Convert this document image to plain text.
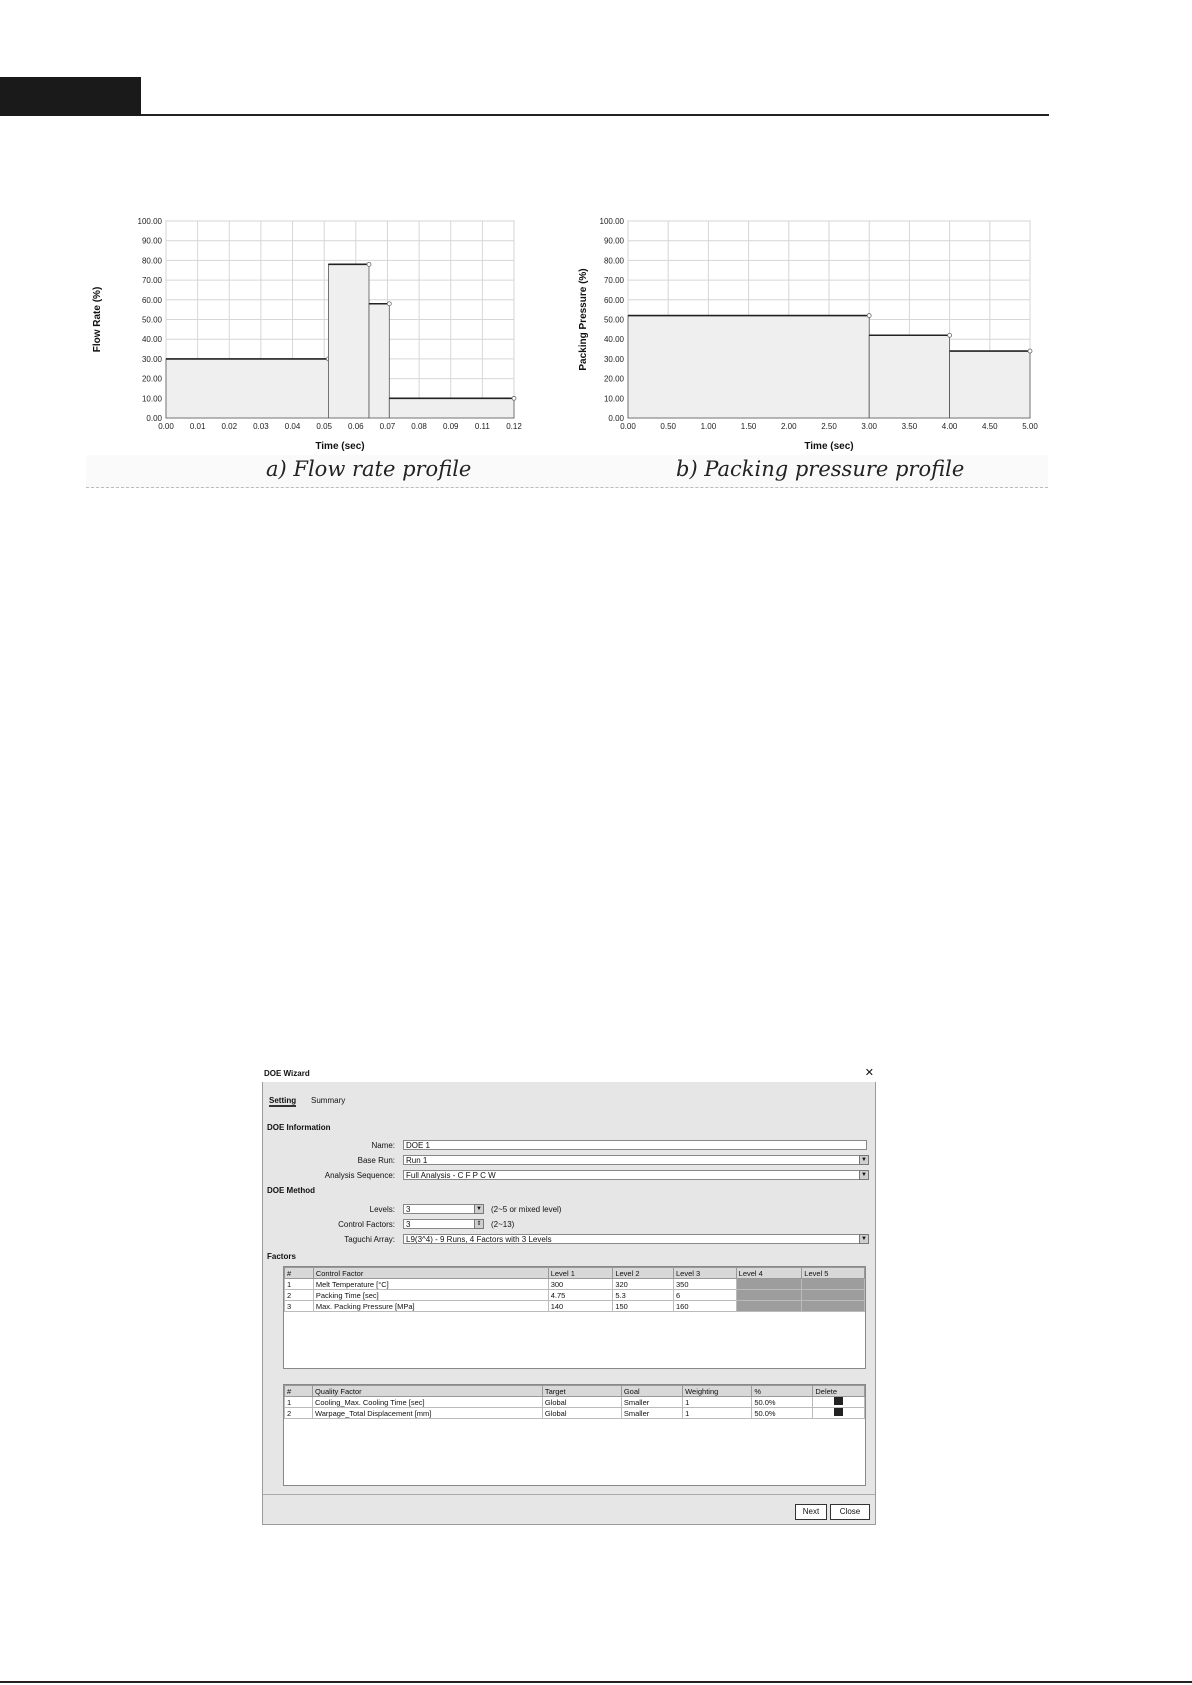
0.00
10.00
20.00
30.00
40.00
50.00
60.00
70.00
80.00
90.00
100.00
0.00 0.01 0.02 0.03 0.04 0.05 0.06 0.07 0.08 0.09 0.11 0.12
Time (sec)
Flow Rate (%)
0.00
10.00
20.00
30.00
40.00
50.00
60.00
70.00
80.00
90.00
100.00
0.00	0.50	1.00	1.50	2.00	2.50	3.00	3.50	4.00	4.50	5.00
Time (sec)
Packing Pressure (%)
a) Flow rate profile	b) Packing pressure profile
DOE Wizard	✕
Setting Summary
DOE Information
Name:	DOE 1
Base Run:	Run 1	▼
Analysis Sequence:	Full Analysis - C F P C W	▼
DOE Method
Levels:	3	▼ (2~5 or mixed level)
Control Factors:	3	⇕	(2~13)
Taguchi Array:	L9(3^4) - 9 Runs, 4 Factors with 3 Levels	▼
Factors
#	Control Factor	Level 1	Level 2	Level 3	Level 4	Level 5
1	Melt Temperature [°C]	300	320	350		
2	Packing Time [sec]	4.75	5.3	6		
3	Max. Packing Pressure [MPa]	140	150	160		
#	Quality Factor	Target	Goal	Weighting	%	Delete
1	Cooling_Max. Cooling Time [sec]	Global	Smaller	1	50.0%	
2	Warpage_Total Displacement [mm]	Global	Smaller	1	50.0%	
Next	Close
